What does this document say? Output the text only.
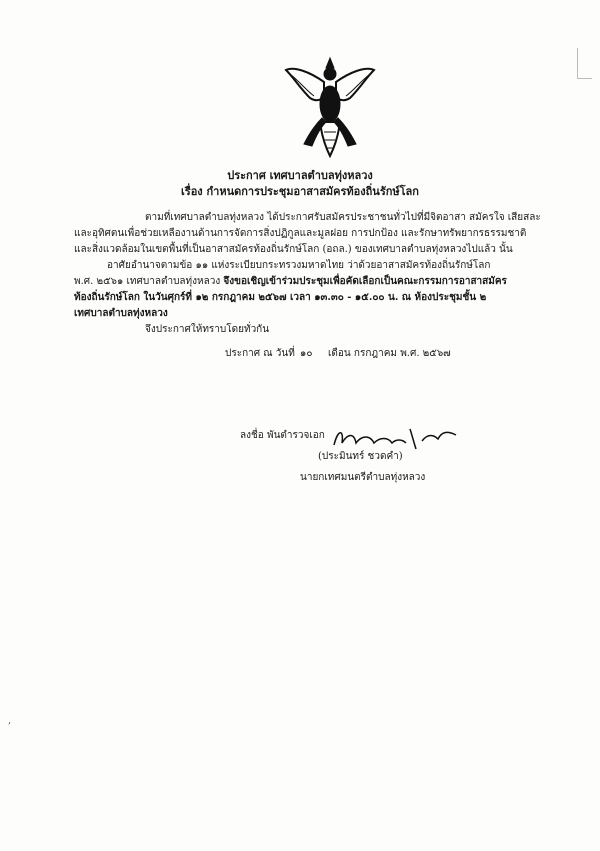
ประกาศ เทศบาลตำบลทุ่งหลวง
เรื่อง กำหนดการประชุมอาสาสมัครท้องถิ่นรักษ์โลก
ตามที่เทศบาลตำบลทุ่งหลวง ได้ประกาศรับสมัครประชาชนทั่วไปที่มีจิตอาสา สมัครใจ เสียสละ
และอุทิศตนเพื่อช่วยเหลืองานด้านการจัดการสิ่งปฏิกูลและมูลฝอย การปกป้อง และรักษาทรัพยากรธรรมชาติ
และสิ่งแวดล้อมในเขตพื้นที่เป็นอาสาสมัครท้องถิ่นรักษ์โลก (อถล.) ของเทศบาลตำบลทุ่งหลวงไปแล้ว นั้น
อาศัยอำนาจตามข้อ ๑๑ แห่งระเบียบกระทรวงมหาดไทย ว่าด้วยอาสาสมัครท้องถิ่นรักษ์โลก
พ.ศ. ๒๕๖๑ เทศบาลตำบลทุ่งหลวง จึงขอเชิญเข้าร่วมประชุมเพื่อคัดเลือกเป็นคณะกรรมการอาสาสมัคร
ท้องถิ่นรักษ์โลก ในวันศุกร์ที่ ๑๒ กรกฎาคม ๒๕๖๗ เวลา ๑๓.๓๐ - ๑๕.๐๐ น. ณ ห้องประชุมชั้น ๒
เทศบาลตำบลทุ่งหลวง
จึงประกาศให้ทราบโดยทั่วกัน
ประกาศ ณ วันที่ ๑๐ เดือน กรกฎาคม พ.ศ. ๒๕๖๗
ลงชื่อ พันตำรวจเอก
(ประมินทร์ ชวดคำ)
นายกเทศมนตรีตำบลทุ่งหลวง
,
